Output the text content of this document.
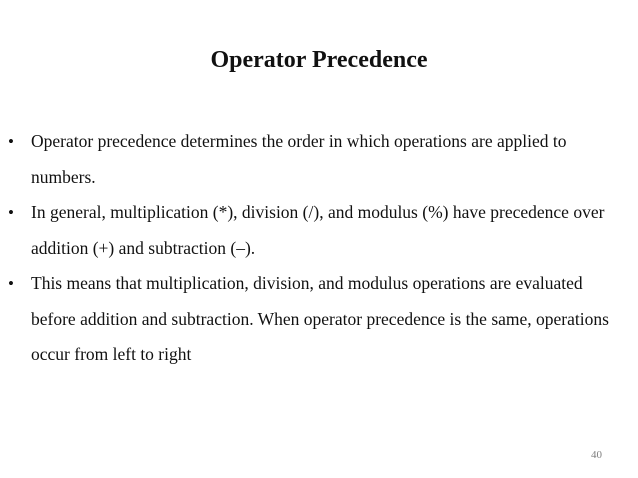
Operator Precedence
• Operator precedence determines the order in which operations are applied to numbers.
• In general, multiplication (*), division (/), and modulus (%) have precedence over addition (+) and subtraction (–).
• This means that multiplication, division, and modulus operations are evaluated before addition and subtraction. When operator precedence is the same, operations occur from left to right
40
